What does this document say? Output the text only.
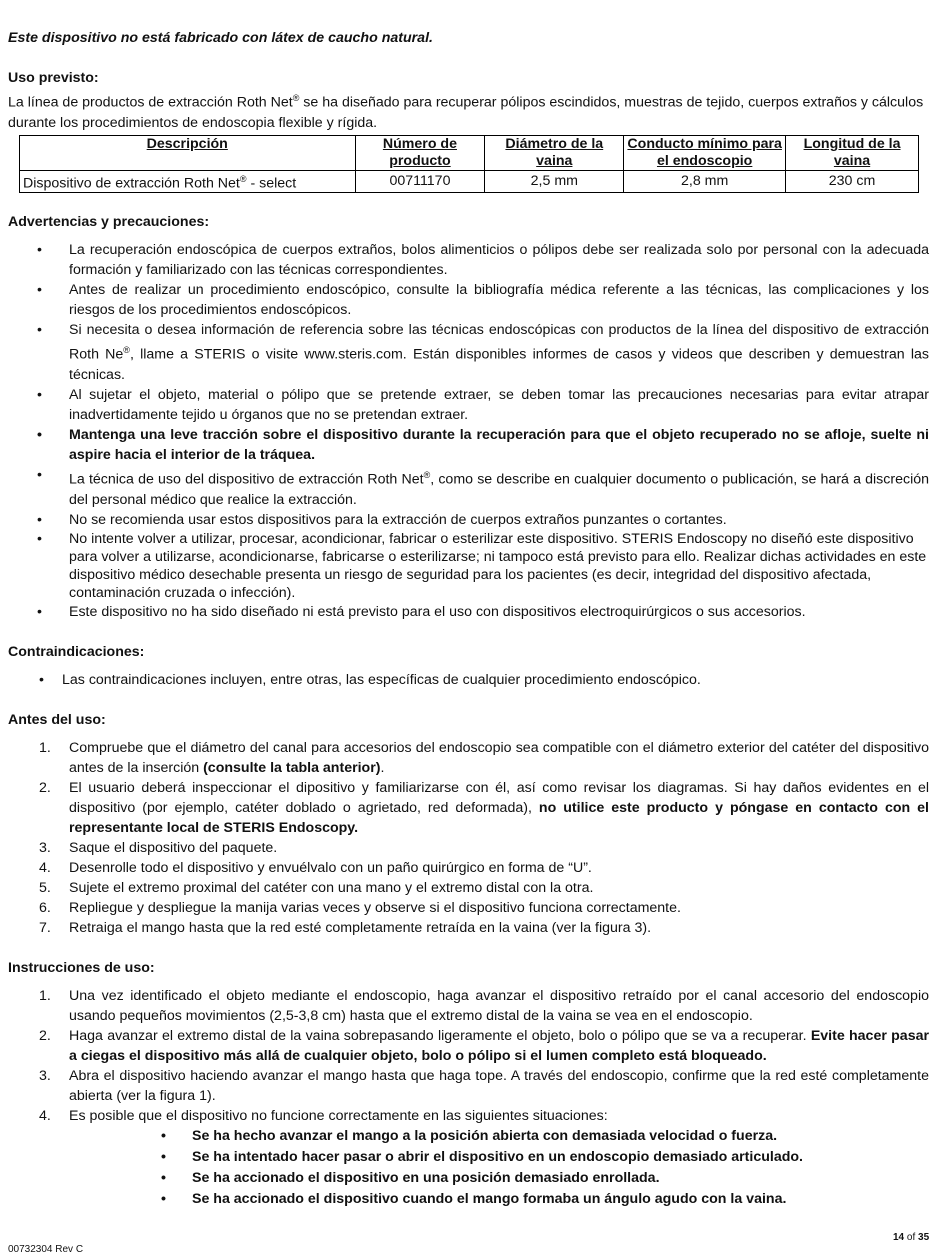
Este dispositivo no está fabricado con látex de caucho natural.

Uso previsto:

La línea de productos de extracción Roth Net® se ha diseñado para recuperar pólipos escindidos, muestras de tejido, cuerpos extraños y cálculos durante los procedimientos de endoscopia flexible y rígida.

Descripción	Número de producto	Diámetro de la vaina	Conducto mínimo para el endoscopio	Longitud de la vaina
Dispositivo de extracción Roth Net® - select	00711170	2,5 mm	2,8 mm	230 cm
Advertencias y precauciones:
• La recuperación endoscópica de cuerpos extraños, bolos alimenticios o pólipos debe ser realizada solo por personal con la adecuada formación y familiarizado con las técnicas correspondientes.
• Antes de realizar un procedimiento endoscópico, consulte la bibliografía médica referente a las técnicas, las complicaciones y los riesgos de los procedimientos endoscópicos.
• Si necesita o desea información de referencia sobre las técnicas endoscópicas con productos de la línea del dispositivo de extracción Roth Ne®, llame a STERIS o visite www.steris.com. Están disponibles informes de casos y videos que describen y demuestran las técnicas.
• Al sujetar el objeto, material o pólipo que se pretende extraer, se deben tomar las precauciones necesarias para evitar atrapar inadvertidamente tejido u órganos que no se pretendan extraer.
• Mantenga una leve tracción sobre el dispositivo durante la recuperación para que el objeto recuperado no se afloje, suelte ni aspire hacia el interior de la tráquea.
• La técnica de uso del dispositivo de extracción Roth Net®, como se describe en cualquier documento o publicación, se hará a discreción del personal médico que realice la extracción.
• No se recomienda usar estos dispositivos para la extracción de cuerpos extraños punzantes o cortantes.
• No intente volver a utilizar, procesar, acondicionar, fabricar o esterilizar este dispositivo. STERIS Endoscopy no diseñó este dispositivo para volver a utilizarse, acondicionarse, fabricarse o esterilizarse; ni tampoco está previsto para ello. Realizar dichas actividades en este dispositivo médico desechable presenta un riesgo de seguridad para los pacientes (es decir, integridad del dispositivo afectada, contaminación cruzada o infección).
• Este dispositivo no ha sido diseñado ni está previsto para el uso con dispositivos electroquirúrgicos o sus accesorios.
Contraindicaciones:
• Las contraindicaciones incluyen, entre otras, las específicas de cualquier procedimiento endoscópico.
Antes del uso:
1. Compruebe que el diámetro del canal para accesorios del endoscopio sea compatible con el diámetro exterior del catéter del dispositivo antes de la inserción (consulte la tabla anterior).
2. El usuario deberá inspeccionar el dipositivo y familiarizarse con él, así como revisar los diagramas. Si hay daños evidentes en el dispositivo (por ejemplo, catéter doblado o agrietado, red deformada), no utilice este producto y póngase en contacto con el representante local de STERIS Endoscopy.
3. Saque el dispositivo del paquete.
4. Desenrolle todo el dispositivo y envuélvalo con un paño quirúrgico en forma de “U”.
5. Sujete el extremo proximal del catéter con una mano y el extremo distal con la otra.
6. Repliegue y despliegue la manija varias veces y observe si el dispositivo funciona correctamente.
7. Retraiga el mango hasta que la red esté completamente retraída en la vaina (ver la figura 3).
Instrucciones de uso:
1. Una vez identificado el objeto mediante el endoscopio, haga avanzar el dispositivo retraído por el canal accesorio del endoscopio usando pequeños movimientos (2,5-3,8 cm) hasta que el extremo distal de la vaina se vea en el endoscopio.
2. Haga avanzar el extremo distal de la vaina sobrepasando ligeramente el objeto, bolo o pólipo que se va a recuperar. Evite hacer pasar a ciegas el dispositivo más allá de cualquier objeto, bolo o pólipo si el lumen completo está bloqueado.
3. Abra el dispositivo haciendo avanzar el mango hasta que haga tope. A través del endoscopio, confirme que la red esté completamente abierta (ver la figura 1).
4. Es posible que el dispositivo no funcione correctamente en las siguientes situaciones:
• Se ha hecho avanzar el mango a la posición abierta con demasiada velocidad o fuerza.
• Se ha intentado hacer pasar o abrir el dispositivo en un endoscopio demasiado articulado.
• Se ha accionado el dispositivo en una posición demasiado enrollada.
• Se ha accionado el dispositivo cuando el mango formaba un ángulo agudo con la vaina.
00732304 Rev C
14 of 35
